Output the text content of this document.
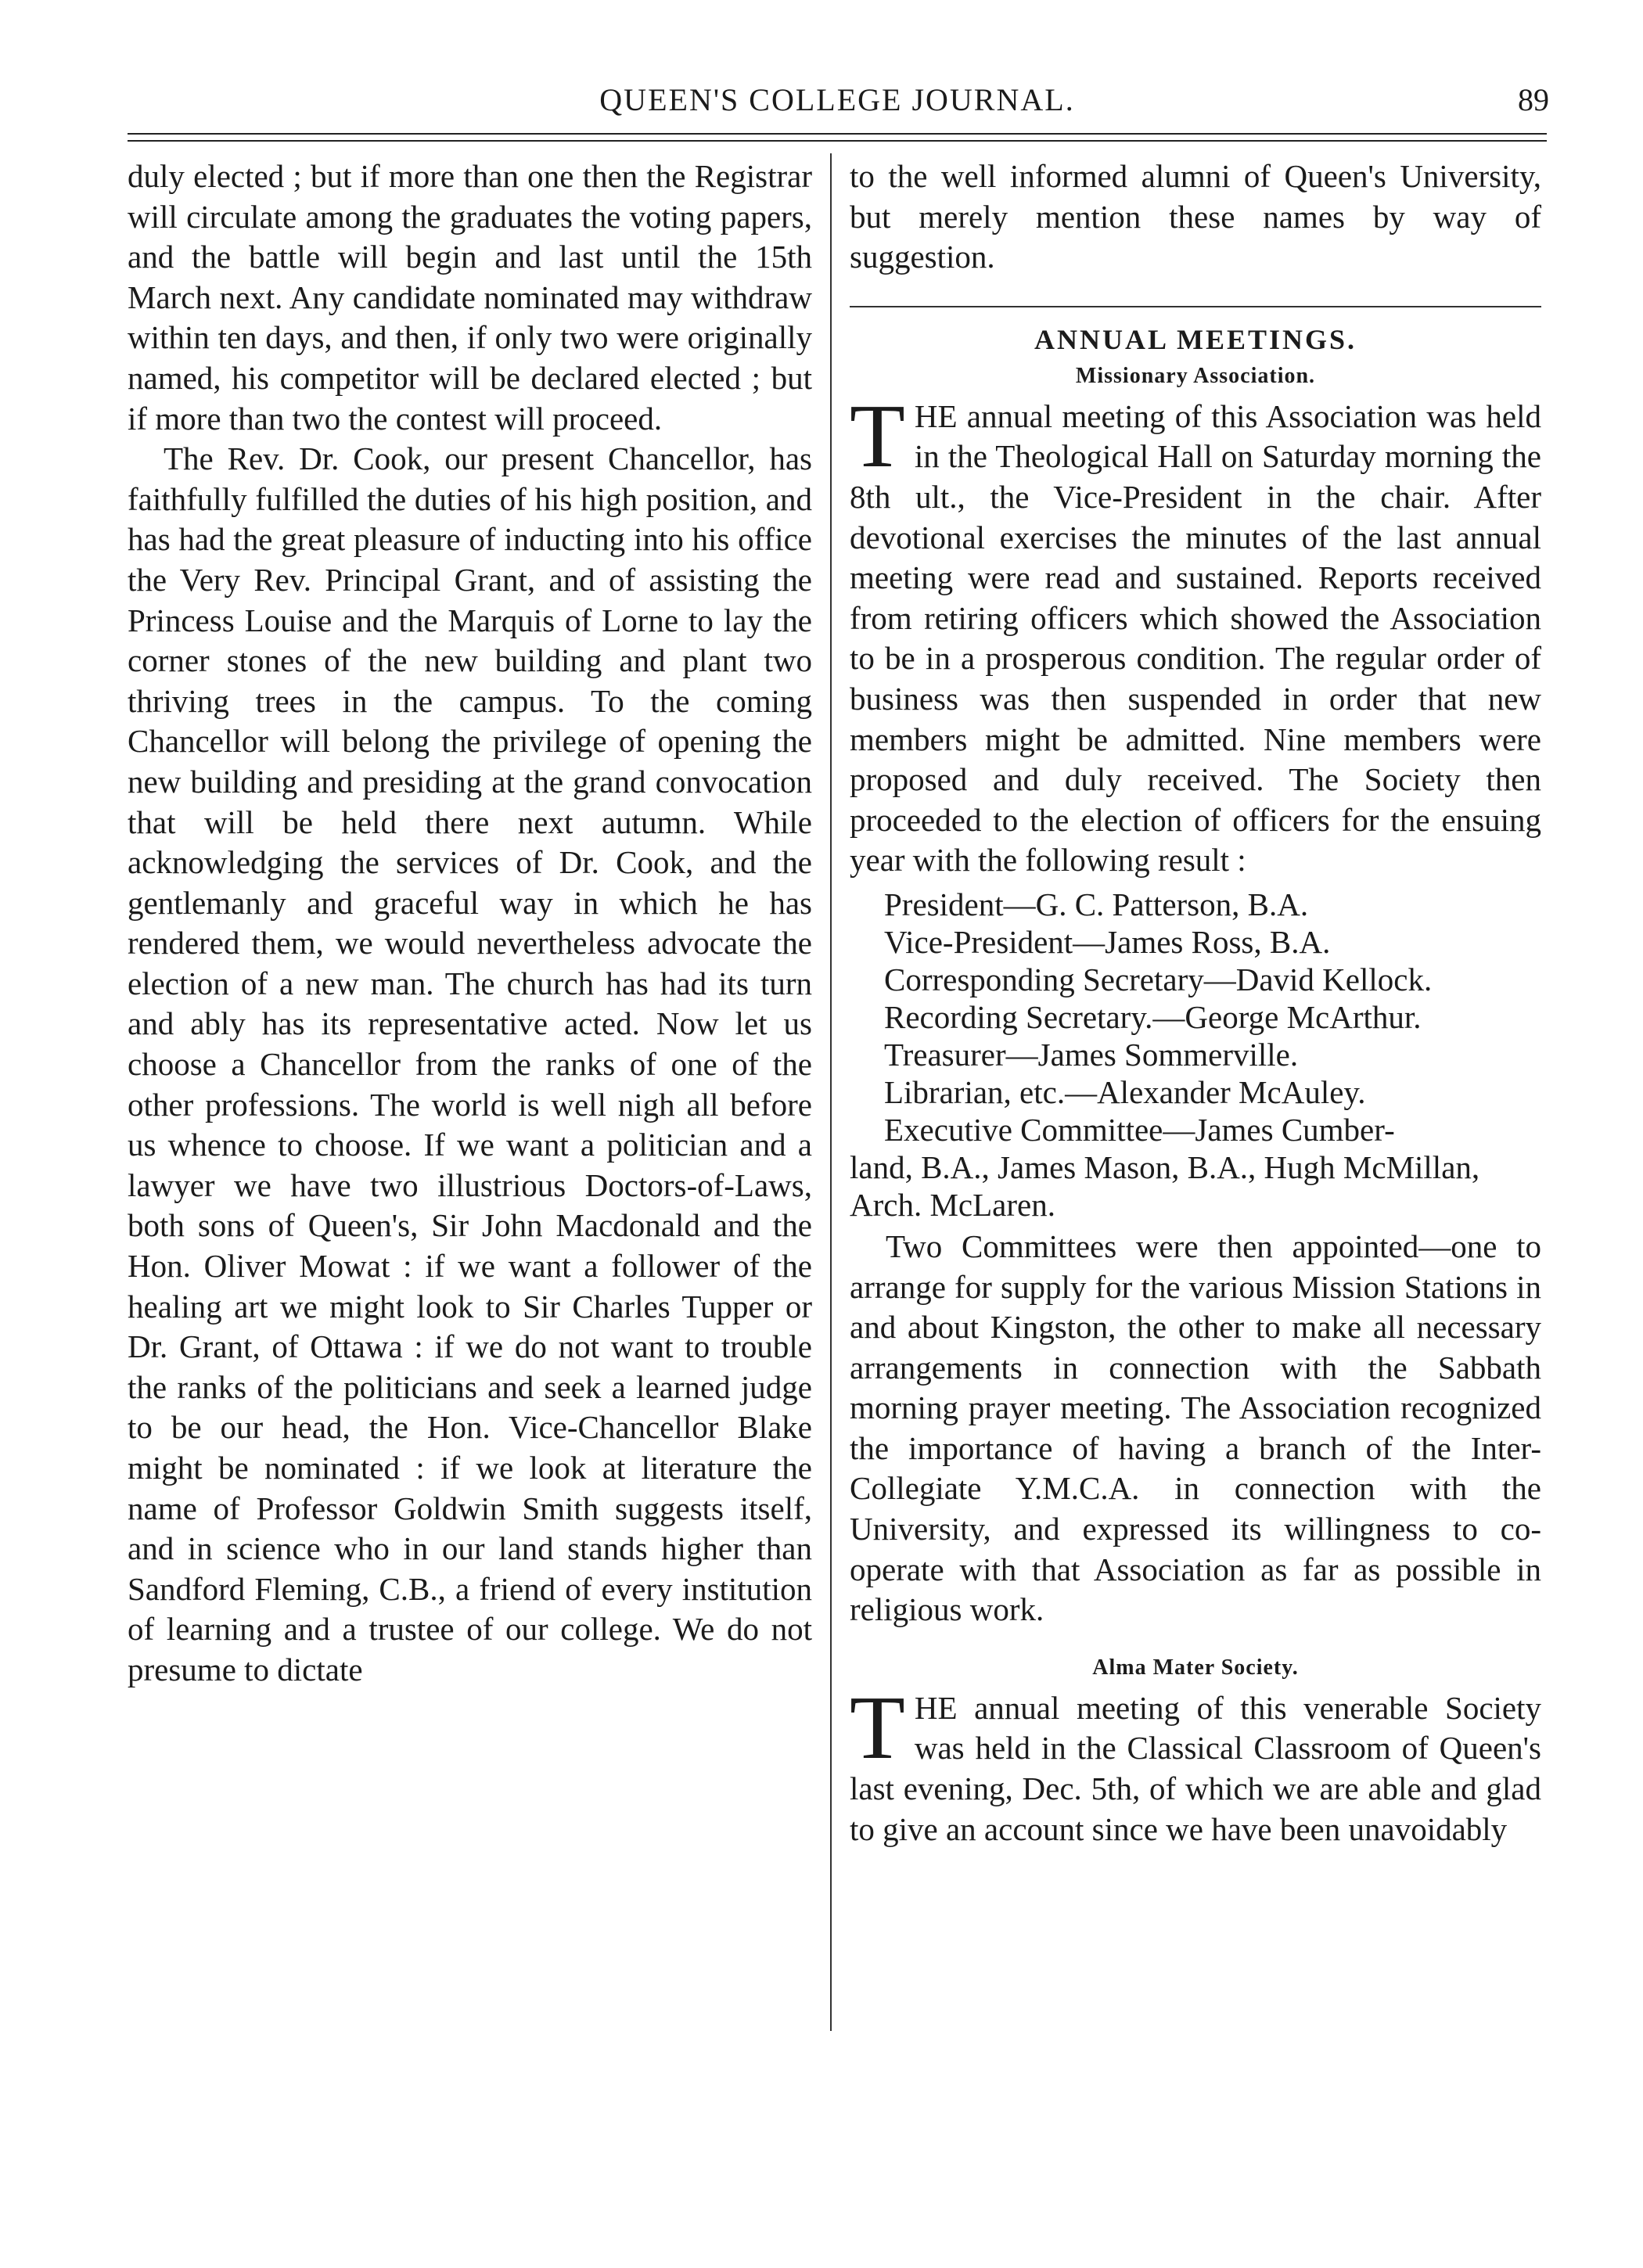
QUEEN'S COLLEGE JOURNAL.	89

duly elected ; but if more than one then the Registrar will circulate among the graduates the voting papers, and the battle will begin and last until the 15th March next. Any candidate nominated may withdraw within ten days, and then, if only two were originally named, his competitor will be declared elected ; but if more than two the contest will proceed.

The Rev. Dr. Cook, our present Chancellor, has faithfully fulfilled the duties of his high position, and has had the great pleasure of inducting into his office the Very Rev. Principal Grant, and of assisting the Princess Louise and the Marquis of Lorne to lay the corner stones of the new building and plant two thriving trees in the campus. To the coming Chancellor will belong the privilege of opening the new building and presiding at the grand convocation that will be held there next autumn. While acknowledging the services of Dr. Cook, and the gentlemanly and graceful way in which he has rendered them, we would nevertheless advocate the election of a new man. The church has had its turn and ably has its representative acted. Now let us choose a Chancellor from the ranks of one of the other professions. The world is well nigh all before us whence to choose. If we want a politician and a lawyer we have two illustrious Doctors-of-Laws, both sons of Queen's, Sir John Macdonald and the Hon. Oliver Mowat : if we want a follower of the healing art we might look to Sir Charles Tupper or Dr. Grant, of Ottawa : if we do not want to trouble the ranks of the politicians and seek a learned judge to be our head, the Hon. Vice-Chancellor Blake might be nominated : if we look at literature the name of Professor Goldwin Smith suggests itself, and in science who in our land stands higher than Sandford Fleming, C.B., a friend of every institution of learning and a trustee of our college. We do not presume to dictate

to the well informed alumni of Queen's University, but merely mention these names by way of suggestion.

ANNUAL MEETINGS.
Missionary Association.

THE annual meeting of this Association was held in the Theological Hall on Saturday morning the 8th ult., the Vice-President in the chair. After devotional exercises the minutes of the last annual meeting were read and sustained. Reports received from retiring officers which showed the Association to be in a prosperous condition. The regular order of business was then suspended in order that new members might be admitted. Nine members were proposed and duly received. The Society then proceeded to the election of officers for the ensuing year with the following result :

President—G. C. Patterson, B.A.
Vice-President—James Ross, B.A.
Corresponding Secretary—David Kellock.
Recording Secretary.—George McArthur.
Treasurer—James Sommerville.
Librarian, etc.—Alexander McAuley.
Executive Committee—James Cumber-
land, B.A., James Mason, B.A., Hugh McMillan, Arch. McLaren.

Two Committees were then appointed—one to arrange for supply for the various Mission Stations in and about Kingston, the other to make all necessary arrangements in connection with the Sabbath morning prayer meeting. The Association recognized the importance of having a branch of the Inter-Collegiate Y.M.C.A. in connection with the University, and expressed its willingness to co-operate with that Association as far as possible in religious work.

Alma Mater Society.

THE annual meeting of this venerable Society was held in the Classical Classroom of Queen's last evening, Dec. 5th, of which we are able and glad to give an account since we have been unavoidably
